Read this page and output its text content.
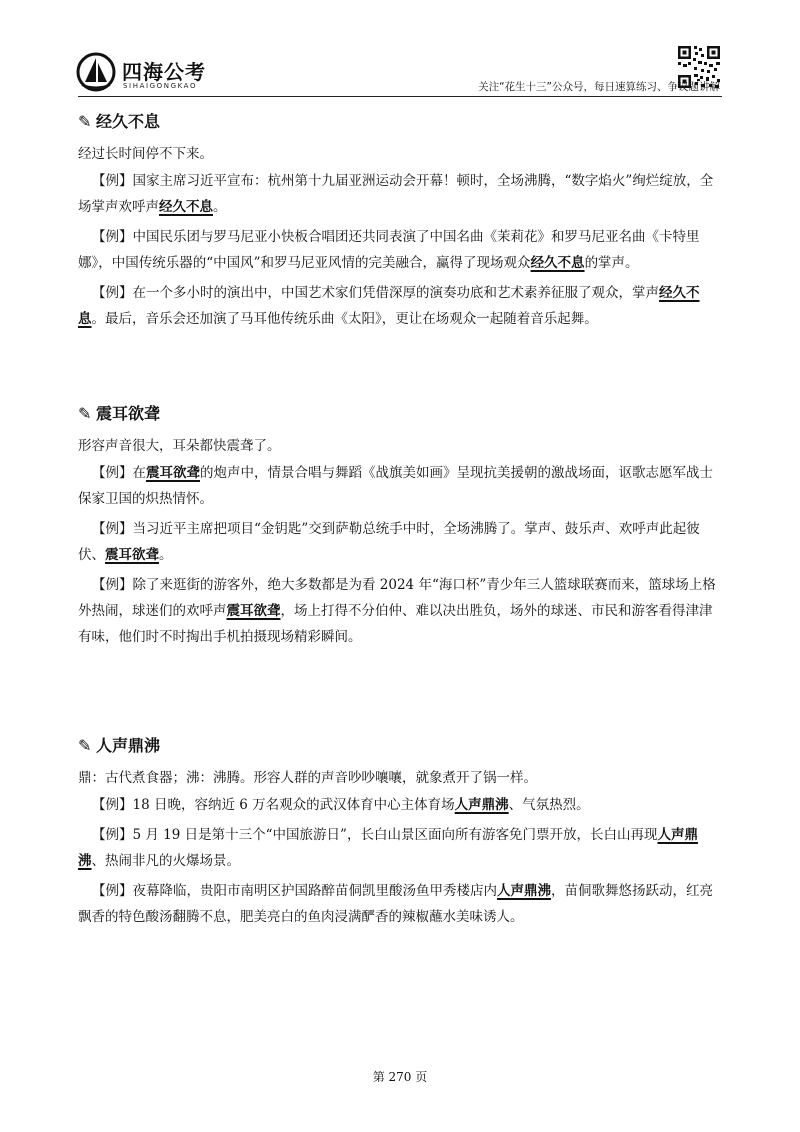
四海公考
SIHAIGONGKAO	关注“花生十三”公众号，每日速算练习、争议题讲解
✎ 经久不息
经过长时间停不下来。
【例】国家主席习近平宣布：杭州第十九届亚洲运动会开幕！顿时，全场沸腾，“数字焰火”绚烂绽放，全场掌声欢呼声经久不息。
【例】中国民乐团与罗马尼亚小快板合唱团还共同表演了中国名曲《茉莉花》和罗马尼亚名曲《卡特里娜》，中国传统乐器的“中国风”和罗马尼亚风情的完美融合，赢得了现场观众经久不息的掌声。
【例】在一个多小时的演出中，中国艺术家们凭借深厚的演奏功底和艺术素养征服了观众，掌声经久不息。最后，音乐会还加演了马耳他传统乐曲《太阳》，更让在场观众一起随着音乐起舞。
✎ 震耳欲聋
形容声音很大，耳朵都快震聋了。
【例】在震耳欲聋的炮声中，情景合唱与舞蹈《战旗美如画》呈现抗美援朝的激战场面，讴歌志愿军战士保家卫国的炽热情怀。
【例】当习近平主席把项目“金钥匙”交到萨勒总统手中时，全场沸腾了。掌声、鼓乐声、欢呼声此起彼伏、震耳欲聋。
【例】除了来逛街的游客外，绝大多数都是为看 2024 年“海口杯”青少年三人篮球联赛而来，篮球场上格外热闹，球迷们的欢呼声震耳欲聋，场上打得不分伯仲、难以决出胜负，场外的球迷、市民和游客看得津津有味，他们时不时掏出手机拍摄现场精彩瞬间。
✎ 人声鼎沸
鼎：古代煮食器；沸：沸腾。形容人群的声音吵吵嚷嚷，就象煮开了锅一样。
【例】18 日晚，容纳近 6 万名观众的武汉体育中心主体育场人声鼎沸、气氛热烈。
【例】5 月 19 日是第十三个“中国旅游日”，长白山景区面向所有游客免门票开放，长白山再现人声鼎沸、热闹非凡的火爆场景。
【例】夜幕降临，贵阳市南明区护国路醉苗侗凯里酸汤鱼甲秀楼店内人声鼎沸，苗侗歌舞悠扬跃动，红亮飘香的特色酸汤翻腾不息，肥美亮白的鱼肉浸满酽香的辣椒蘸水美味诱人。
第 270 页
